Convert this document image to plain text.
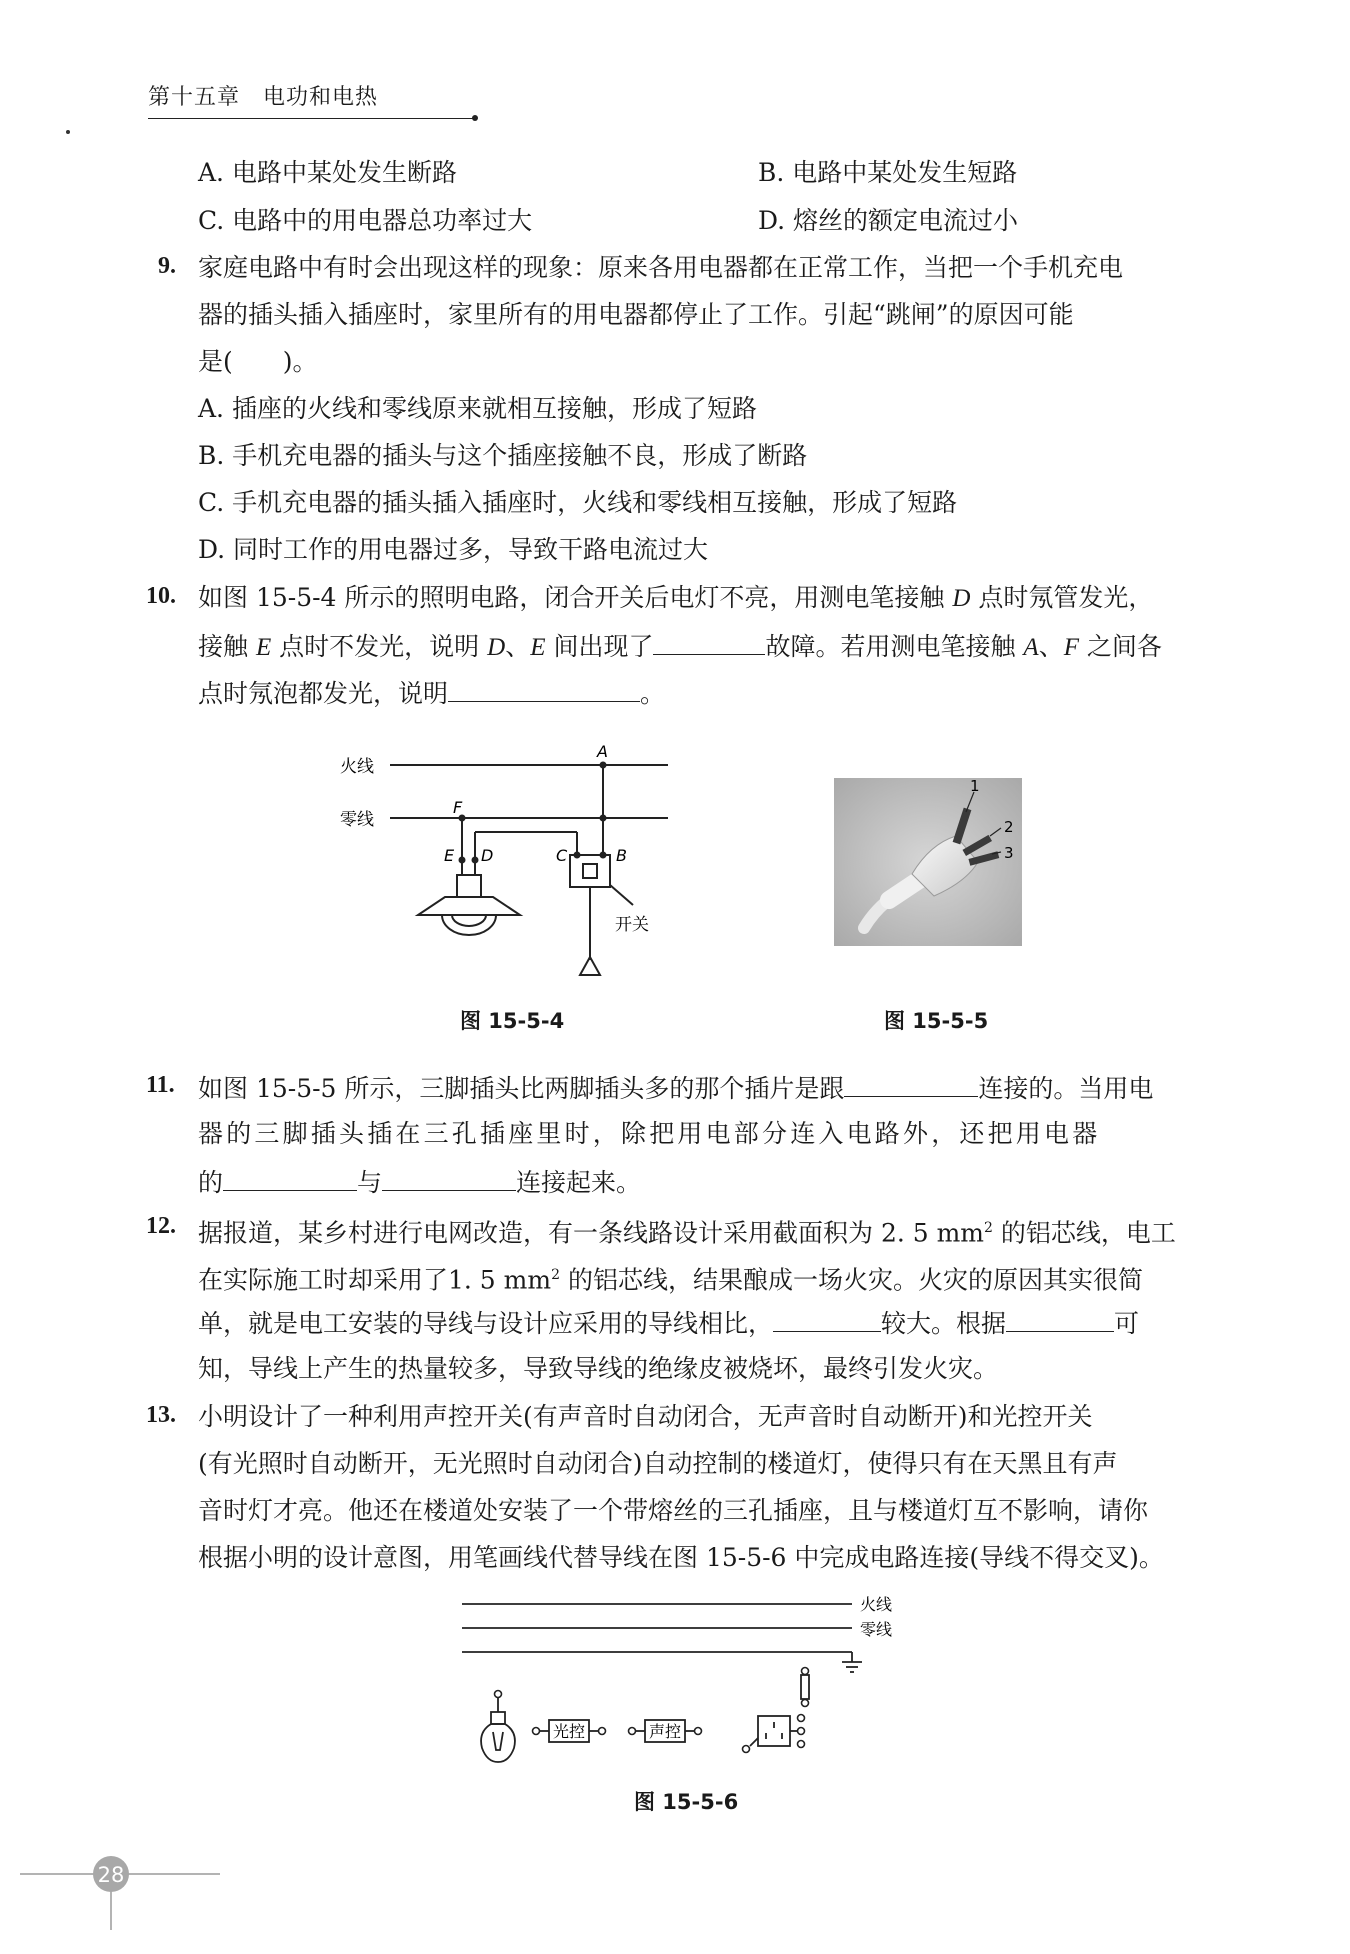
第十五章　电功和电热
A. 电路中某处发生断路	B. 电路中某处发生短路
C. 电路中的用电器总功率过大	D. 熔丝的额定电流过小
9. 家庭电路中有时会出现这样的现象：原来各用电器都在正常工作，当把一个手机充电
器的插头插入插座时，家里所有的用电器都停止了工作。引起“跳闸”的原因可能
是(　　)。
A. 插座的火线和零线原来就相互接触，形成了短路
B. 手机充电器的插头与这个插座接触不良，形成了断路
C. 手机充电器的插头插入插座时，火线和零线相互接触，形成了短路
D. 同时工作的用电器过多，导致干路电流过大
10. 如图 15-5-4 所示的照明电路，闭合开关后电灯不亮，用测电笔接触 D 点时氖管发光，
接触 E 点时不发光，说明 D、E 间出现了	故障。若用测电笔接触 A、F 之间各
点时氖泡都发光，说明	。
火线
零线
A
F
E D	C	B
开关
图 15-5-4
1
2
3
图 15-5-5
11. 如图 15-5-5 所示，三脚插头比两脚插头多的那个插片是跟	连接的。当用电
器的三脚插头插在三孔插座里时，除把用电部分连入电路外，还把用电器
的	与	连接起来。
12. 据报道，某乡村进行电网改造，有一条线路设计采用截面积为 2. 5 $mm^2$ 的铝芯线，电工
在实际施工时却采用了1. 5 $mm^2$ 的铝芯线，结果酿成一场火灾。火灾的原因其实很简
单，就是电工安装的导线与设计应采用的导线相比，	较大。根据	可
知，导线上产生的热量较多，导致导线的绝缘皮被烧坏，最终引发火灾。
13. 小明设计了一种利用声控开关(有声音时自动闭合，无声音时自动断开)和光控开关
(有光照时自动断开，无光照时自动闭合)自动控制的楼道灯，使得只有在天黑且有声
音时灯才亮。他还在楼道处安装了一个带熔丝的三孔插座，且与楼道灯互不影响，请你
根据小明的设计意图，用笔画线代替导线在图 15-5-6 中完成电路连接(导线不得交叉)。
火线
零线
光控	声控
图 15-5-6
28
